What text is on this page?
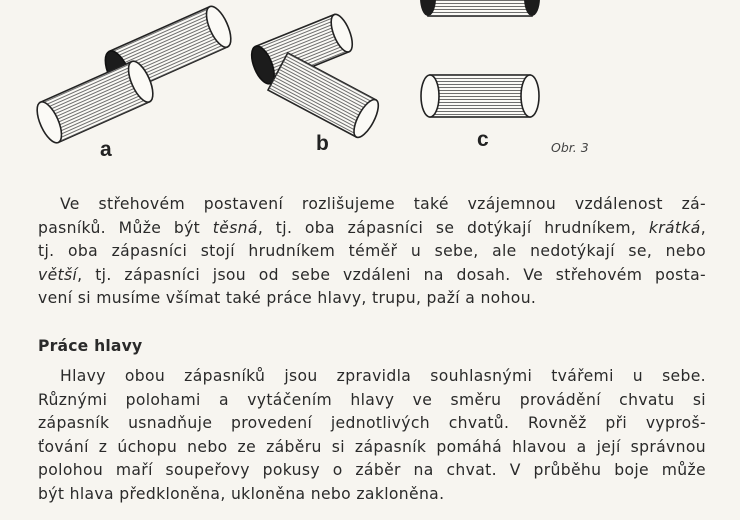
a	b	c	Obr. 3
Ve střehovém postavení rozlišujeme také vzájemnou vzdálenost zá-
pasníků. Může být těsná, tj. oba zápasníci se dotýkají hrudníkem, krátká,
tj. oba zápasníci stojí hrudníkem téměř u sebe, ale nedotýkají se, nebo
větší, tj. zápasníci jsou od sebe vzdáleni na dosah. Ve střehovém posta-
vení si musíme všímat také práce hlavy, trupu, paží a nohou.
Práce hlavy
Hlavy obou zápasníků jsou zpravidla souhlasnými tvářemi u sebe.
Různými polohami a vytáčením hlavy ve směru provádění chvatu si
zápasník usnadňuje provedení jednotlivých chvatů. Rovněž při vyproš-
ťování z úchopu nebo ze záběru si zápasník pomáhá hlavou a její správnou
polohou maří soupeřovy pokusy o záběr na chvat. V průběhu boje může
být hlava předkloněna, ukloněna nebo zakloněna.
